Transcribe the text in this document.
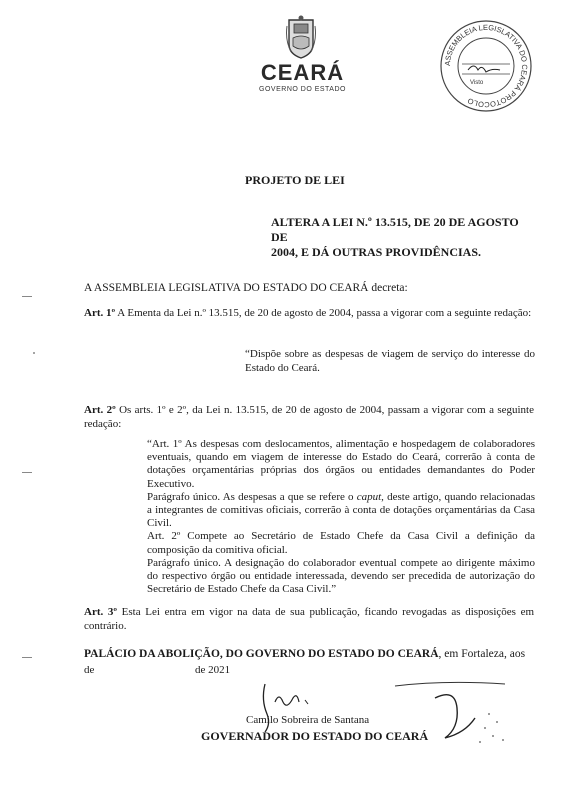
CEARÁ
GOVERNO DO ESTADO
ASSEMBLEIA LEGISLATIVA DO CEARÁ PROTOCOLO
Visto
PROJETO DE LEI
ALTERA A LEI N.º 13.515, DE 20 DE AGOSTO DE
2004, E DÁ OUTRAS PROVIDÊNCIAS.
A ASSEMBLEIA LEGISLATIVA DO ESTADO DO CEARÁ decreta:
Art. 1º A Ementa da Lei n.º 13.515, de 20 de agosto de 2004, passa a vigorar com a seguinte redação:
“Dispõe sobre as despesas de viagem de serviço do interesse do Estado do Ceará.
Art. 2º Os arts. 1º e 2º, da Lei n. 13.515, de 20 de agosto de 2004, passam a vigorar com a seguinte redação:
“Art. 1º As despesas com deslocamentos, alimentação e hospedagem de colaboradores eventuais, quando em viagem de interesse do Estado do Ceará, correrão à conta de dotações orçamentárias próprias dos órgãos ou entidades demandantes do Poder Executivo.
Parágrafo único. As despesas a que se refere o caput, deste artigo, quando relacionadas a integrantes de comitivas oficiais, correrão à conta de dotações orçamentárias da Casa Civil.
Art. 2º Compete ao Secretário de Estado Chefe da Casa Civil a definição da composição da comitiva oficial.
Parágrafo único. A designação do colaborador eventual compete ao dirigente máximo do respectivo órgão ou entidade interessada, devendo ser precedida de autorização do Secretário de Estado Chefe da Casa Civil.”
Art. 3º Esta Lei entra em vigor na data de sua publicação, ficando revogadas as disposições em contrário.
PALÁCIO DA ABOLIÇÃO, DO GOVERNO DO ESTADO DO CEARÁ, em Fortaleza, aos
de	de 2021
Camilo Sobreira de Santana
GOVERNADOR DO ESTADO DO CEARÁ
